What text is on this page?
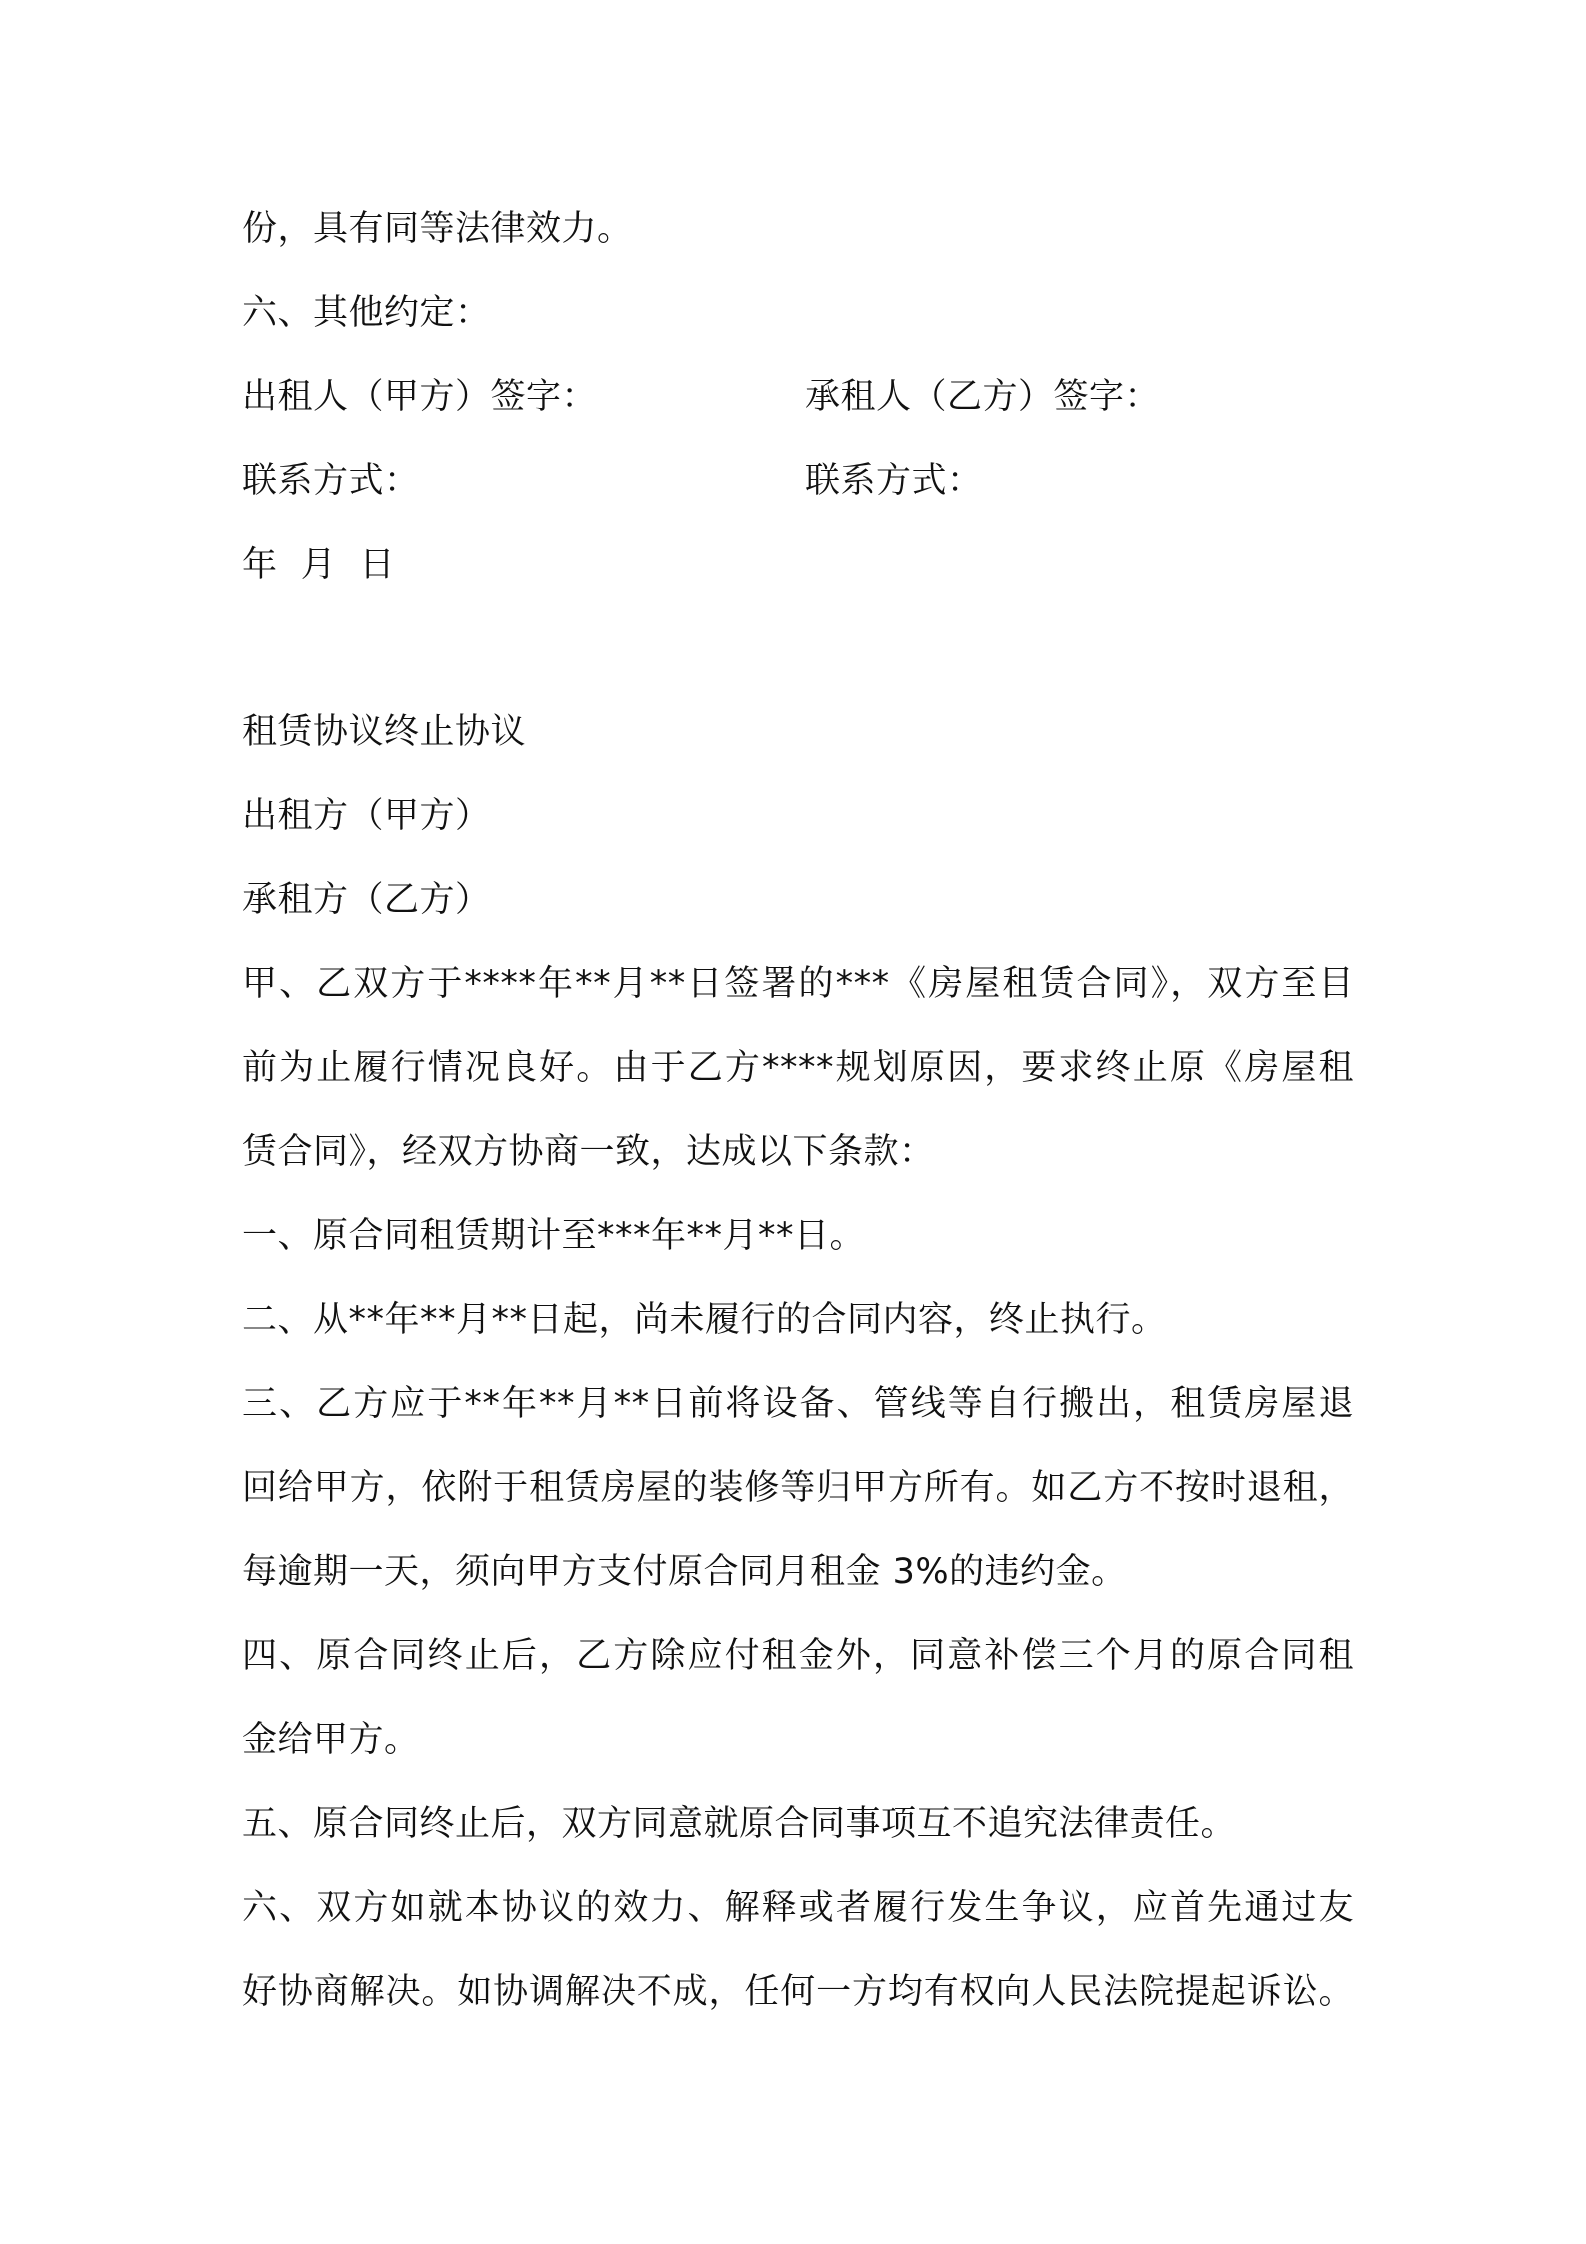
份，具有同等法律效力。
六、其他约定：
出租人（甲方）签字：	承租人（乙方）签字：
联系方式：	联系方式：
年  月  日
租赁协议终止协议
出租方（甲方）
承租方（乙方）
甲、乙双方于****年**月**日签署的***《房屋租赁合同》，双方至目
前为止履行情况良好。由于乙方****规划原因，要求终止原《房屋租
赁合同》，经双方协商一致，达成以下条款：
一、原合同租赁期计至***年**月**日。
二、从**年**月**日起，尚未履行的合同内容，终止执行。
三、乙方应于**年**月**日前将设备、管线等自行搬出，租赁房屋退
回给甲方，依附于租赁房屋的装修等归甲方所有。如乙方不按时退租，
每逾期一天，须向甲方支付原合同月租金 3%的违约金。
四、原合同终止后，乙方除应付租金外，同意补偿三个月的原合同租
金给甲方。
五、原合同终止后，双方同意就原合同事项互不追究法律责任。
六、双方如就本协议的效力、解释或者履行发生争议，应首先通过友
好协商解决。如协调解决不成，任何一方均有权向人民法院提起诉讼。
